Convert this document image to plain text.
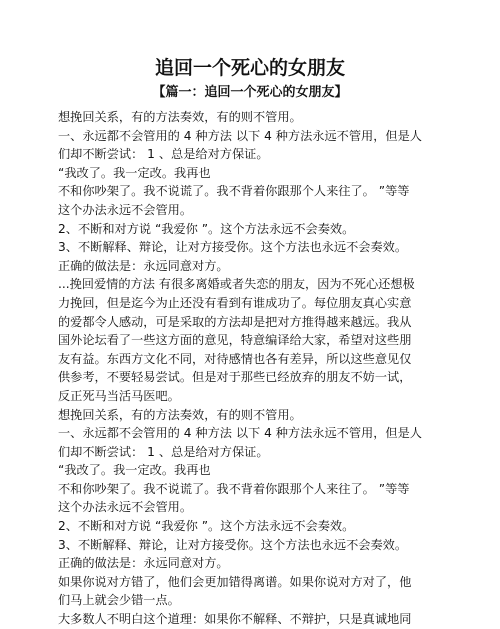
追回一个死心的女朋友
【篇一：追回一个死心的女朋友】

想挽回关系，有的方法奏效，有的则不管用。

一、永远都不会管用的 4 种方法 以下 4 种方法永远不管用，但是人

们却不断尝试： 1 、总是给对方保证。

“我改了。我一定改。我再也

不和你吵架了。我不说谎了。我不背着你跟那个人来往了。 ”等等

这个办法永远不会管用。

2、不断和对方说 “我爱你 ”。这个方法永远不会奏效。

3、不断解释、辩论，让对方接受你。这个方法也永远不会奏效。

正确的做法是：永远同意对方。

...挽回爱情的方法 有很多离婚或者失恋的朋友，因为不死心还想极

力挽回，但是迄今为止还没有看到有谁成功了。每位朋友真心实意

的爱都令人感动，可是采取的方法却是把对方推得越来越远。我从

国外论坛看了一些这方面的意见，特意编译给大家，希望对这些朋

友有益。东西方文化不同，对待感情也各有差异，所以这些意见仅

供参考，不要轻易尝试。但是对于那些已经放弃的朋友不妨一试，

反正死马当活马医吧。

想挽回关系，有的方法奏效，有的则不管用。

一、永远都不会管用的 4 种方法 以下 4 种方法永远不管用，但是人

们却不断尝试： 1 、总是给对方保证。

“我改了。我一定改。我再也

不和你吵架了。我不说谎了。我不背着你跟那个人来往了。 ”等等

这个办法永远不会管用。

2、不断和对方说 “我爱你 ”。这个方法永远不会奏效。

3、不断解释、辩论，让对方接受你。这个方法也永远不会奏效。

正确的做法是：永远同意对方。

如果你说对方错了，他们会更加错得离谱。如果你说对方对了，他

们马上就会少错一点。

大多数人不明白这个道理：如果你不解释、不辩护，只是真诚地同
